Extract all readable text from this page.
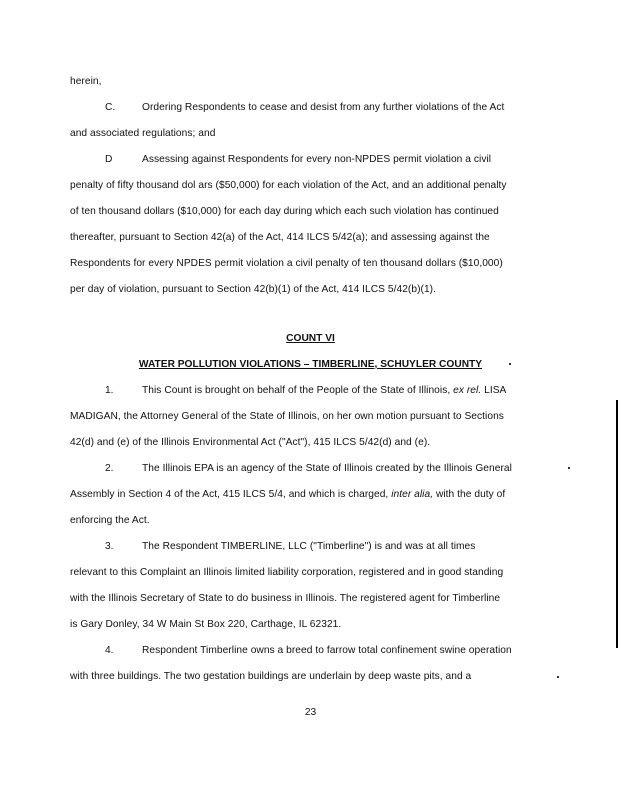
herein,
C.	Ordering Respondents to cease and desist from any further violations of the Act
and associated regulations; and
D	Assessing against Respondents for every non-NPDES permit violation a civil
penalty of fifty thousand dol ars ($50,000) for each violation of the Act, and an additional penalty
of ten thousand dollars ($10,000) for each day during which each such violation has continued
thereafter, pursuant to Section 42(a) of the Act, 414 ILCS 5/42(a); and assessing against the
Respondents for every NPDES permit violation a civil penalty of ten thousand dollars ($10,000)
per day of violation, pursuant to Section 42(b)(1) of the Act, 414 ILCS 5/42(b)(1).
COUNT VI
WATER POLLUTION VIOLATIONS – TIMBERLINE, SCHUYLER COUNTY
1.	This Count is brought on behalf of the People of the State of Illinois, ex rel. LISA
MADIGAN, the Attorney General of the State of Illinois, on her own motion pursuant to Sections
42(d) and (e) of the Illinois Environmental Act ("Act"), 415 ILCS 5/42(d) and (e).
2.	The Illinois EPA is an agency of the State of Illinois created by the Illinois General
Assembly in Section 4 of the Act, 415 ILCS 5/4, and which is charged, inter alia, with the duty of
enforcing the Act.
3.	The Respondent TIMBERLINE, LLC ("Timberline") is and was at all times
relevant to this Complaint an Illinois limited liability corporation, registered and in good standing
with the Illinois Secretary of State to do business in Illinois. The registered agent for Timberline
is Gary Donley, 34 W Main St Box 220, Carthage, IL 62321.
4.	Respondent Timberline owns a breed to farrow total confinement swine operation
with three buildings. The two gestation buildings are underlain by deep waste pits, and a
23
